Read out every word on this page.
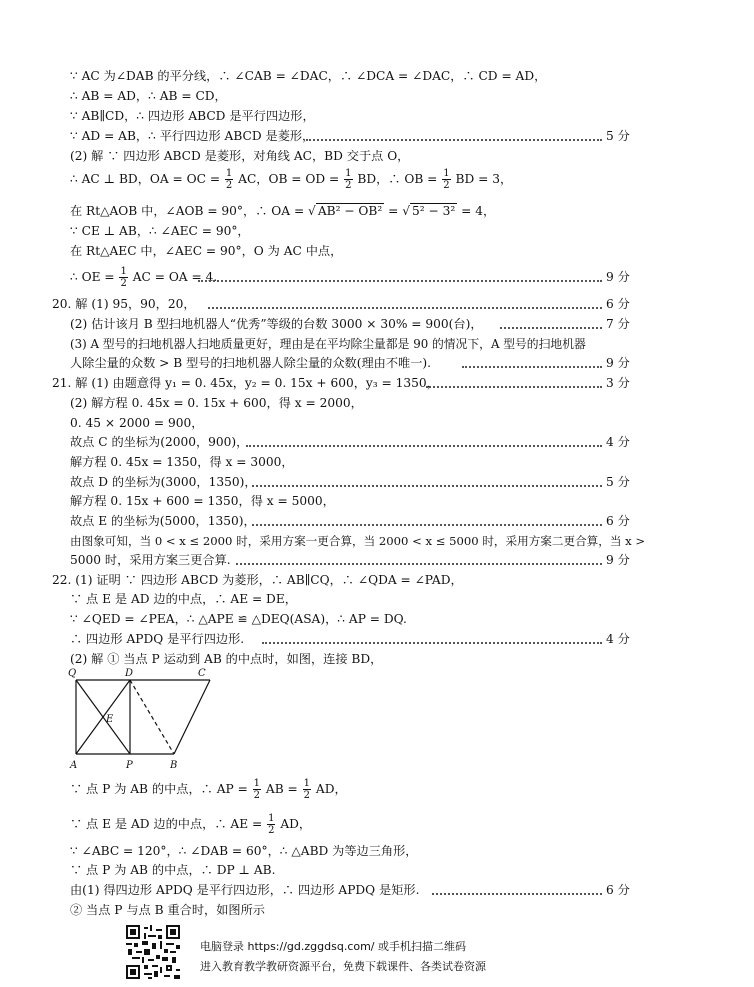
∵ AC 为∠DAB 的平分线，∴ ∠CAB = ∠DAC，∴ ∠DCA = ∠DAC，∴ CD = AD，
∴ AB = AD，∴ AB = CD，
∵ AB∥CD，∴ 四边形 ABCD 是平行四边形，
∵ AD = AB，∴ 平行四边形 ABCD 是菱形，	5 分
(2) 解 ∵ 四边形 ABCD 是菱形，对角线 AC，BD 交于点 O，
∴ AC ⊥ BD，OA = OC = $\frac{1}{2}$ AC，OB = OD = $\frac{1}{2}$ BD，∴ OB = $\frac{1}{2}$ BD = 3，
在 Rt△AOB 中，∠AOB = 90°，∴ OA = √ AB² − OB² = √ 5² − 3² = 4，
∵ CE ⊥ AB，∴ ∠AEC = 90°，
在 Rt△AEC 中，∠AEC = 90°，O 为 AC 中点，
∴ OE = $\frac{1}{2}$ AC = OA = 4.	9 分
20. 解 (1) 95，90，20，	6 分
(2) 估计该月 B 型扫地机器人“优秀”等级的台数 3000 × 30% = 900(台)，	7 分
(3) A 型号的扫地机器人扫地质量更好，理由是在平均除尘量都是 90 的情况下，A 型号的扫地机器
人除尘量的众数 > B 型号的扫地机器人除尘量的众数(理由不唯一).	9 分
21. 解 (1) 由题意得 y₁ = 0. 45x，y₂ = 0. 15x + 600，y₃ = 1350，	3 分
(2) 解方程 0. 45x = 0. 15x + 600，得 x = 2000，
0. 45 × 2000 = 900，
故点 C 的坐标为(2000，900)，	4 分
解方程 0. 45x = 1350，得 x = 3000，
故点 D 的坐标为(3000，1350)，	5 分
解方程 0. 15x + 600 = 1350，得 x = 5000，
故点 E 的坐标为(5000，1350)，	6 分
由图象可知，当 0 < x ≤ 2000 时，采用方案一更合算，当 2000 < x ≤ 5000 时，采用方案二更合算，当 x >
5000 时，采用方案三更合算.	9 分
22. (1) 证明 ∵ 四边形 ABCD 为菱形，∴ AB∥CQ，∴ ∠QDA = ∠PAD，
∵ 点 E 是 AD 边的中点，∴ AE = DE，
∵ ∠QED = ∠PEA，∴ △APE ≌ △DEQ(ASA)，∴ AP = DQ.
∴ 四边形 APDQ 是平行四边形.	4 分
(2) 解 ① 当点 P 运动到 AB 的中点时，如图，连接 BD，
Q	D	C
E
A	P	B
∵ 点 P 为 AB 的中点，∴ AP = $\frac{1}{2}$ AB = $\frac{1}{2}$ AD，
∵ 点 E 是 AD 边的中点，∴ AE = $\frac{1}{2}$ AD，
∵ ∠ABC = 120°，∴ ∠DAB = 60°，∴ △ABD 为等边三角形，
∵ 点 P 为 AB 的中点，∴ DP ⊥ AB.
由(1) 得四边形 APDQ 是平行四边形，∴ 四边形 APDQ 是矩形.	6 分
② 当点 P 与点 B 重合时，如图所示
电脑登录 https://gd.zggdsq.com/ 或手机扫描二维码
进入教育教学教研资源平台，免费下载课件、各类试卷资源
